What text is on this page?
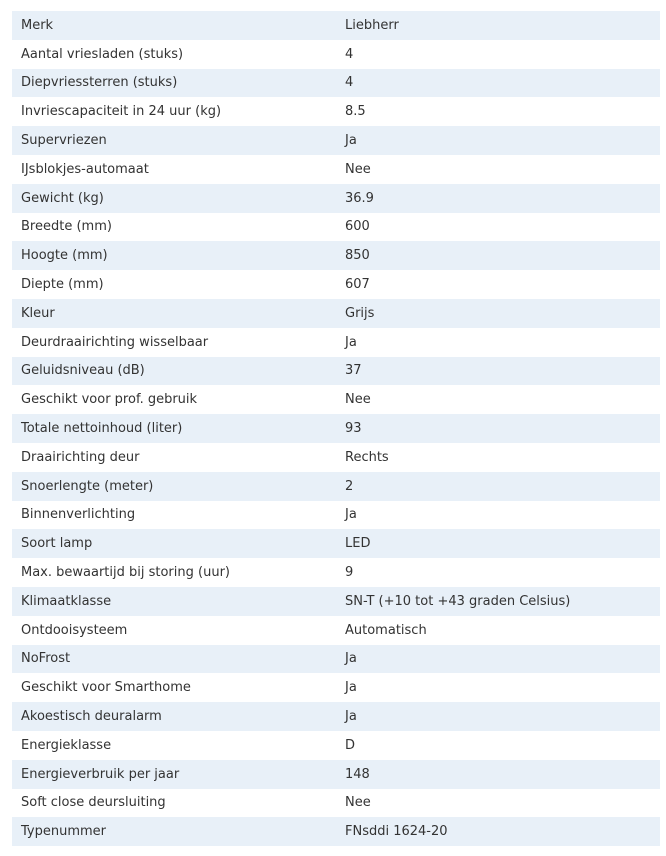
Merk	Liebherr
Aantal vriesladen (stuks)	4
Diepvriessterren (stuks)	4
Invriescapaciteit in 24 uur (kg)	8.5
Supervriezen	Ja
IJsblokjes-automaat	Nee
Gewicht (kg)	36.9
Breedte (mm)	600
Hoogte (mm)	850
Diepte (mm)	607
Kleur	Grijs
Deurdraairichting wisselbaar	Ja
Geluidsniveau (dB)	37
Geschikt voor prof. gebruik	Nee
Totale nettoinhoud (liter)	93
Draairichting deur	Rechts
Snoerlengte (meter)	2
Binnenverlichting	Ja
Soort lamp	LED
Max. bewaartijd bij storing (uur)	9
Klimaatklasse	SN-T (+10 tot +43 graden Celsius)
Ontdooisysteem	Automatisch
NoFrost	Ja
Geschikt voor Smarthome	Ja
Akoestisch deuralarm	Ja
Energieklasse	D
Energieverbruik per jaar	148
Soft close deursluiting	Nee
Typenummer	FNsddi 1624-20
